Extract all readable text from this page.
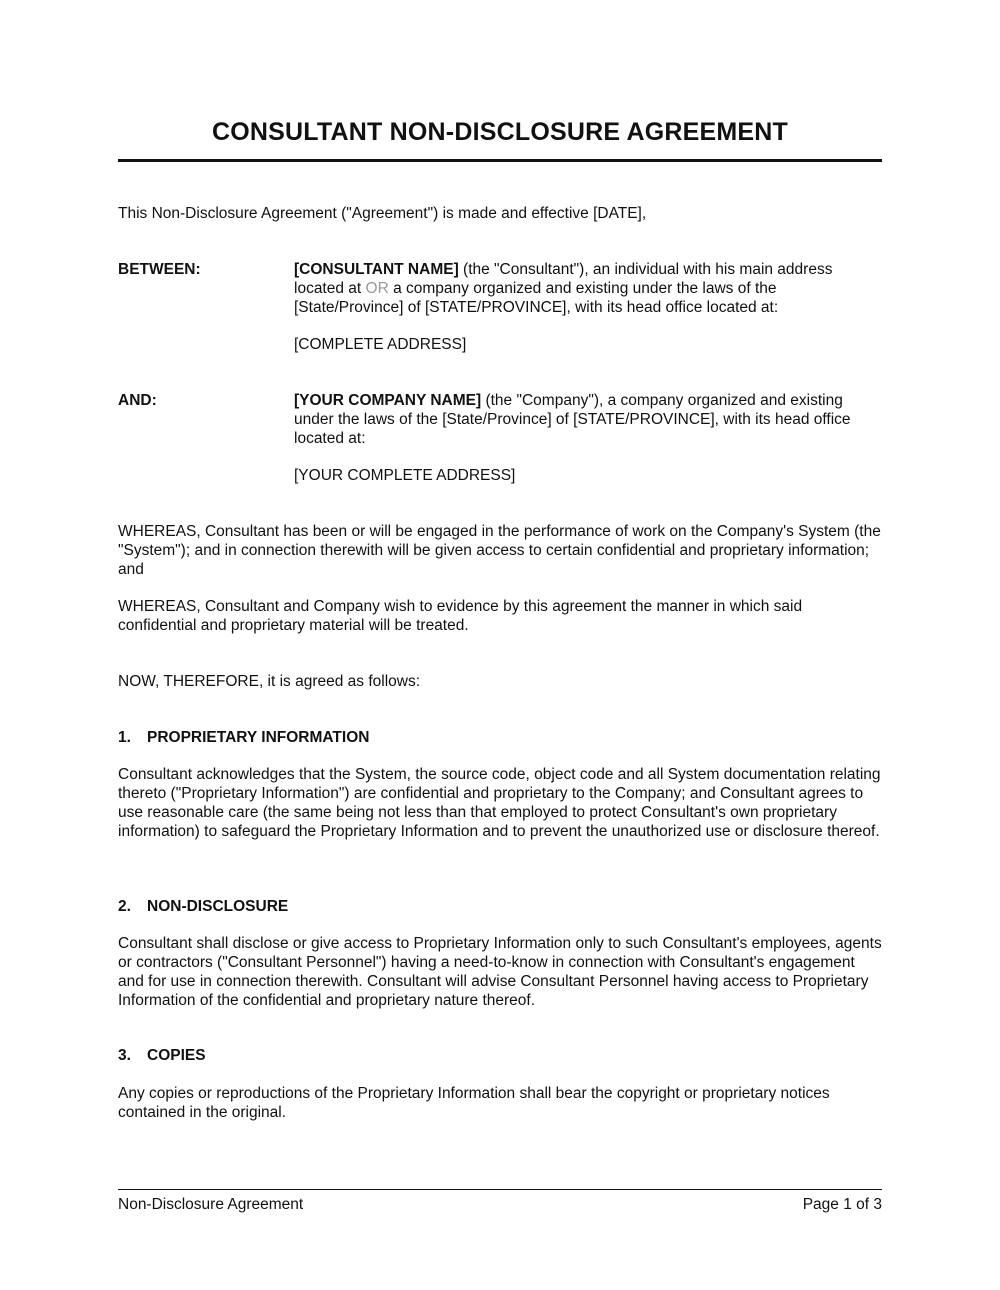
CONSULTANT NON-DISCLOSURE AGREEMENT
This Non-Disclosure Agreement ("Agreement") is made and effective [DATE],
BETWEEN:	[CONSULTANT NAME] (the "Consultant"), an individual with his main address located at OR a company organized and existing under the laws of the [State/Province] of [STATE/PROVINCE], with its head office located at:
[COMPLETE ADDRESS]
AND:	[YOUR COMPANY NAME] (the "Company"), a company organized and existing under the laws of the [State/Province] of [STATE/PROVINCE], with its head office located at:
[YOUR COMPLETE ADDRESS]
WHEREAS, Consultant has been or will be engaged in the performance of work on the Company's System (the "System"); and in connection therewith will be given access to certain confidential and proprietary information; and
WHEREAS, Consultant and Company wish to evidence by this agreement the manner in which said confidential and proprietary material will be treated.
NOW, THEREFORE, it is agreed as follows:
1. PROPRIETARY INFORMATION
Consultant acknowledges that the System, the source code, object code and all System documentation relating thereto ("Proprietary Information") are confidential and proprietary to the Company; and Consultant agrees to use reasonable care (the same being not less than that employed to protect Consultant's own proprietary information) to safeguard the Proprietary Information and to prevent the unauthorized use or disclosure thereof.
2. NON-DISCLOSURE
Consultant shall disclose or give access to Proprietary Information only to such Consultant's employees, agents or contractors ("Consultant Personnel") having a need-to-know in connection with Consultant's engagement and for use in connection therewith. Consultant will advise Consultant Personnel having access to Proprietary Information of the confidential and proprietary nature thereof.
3. COPIES
Any copies or reproductions of the Proprietary Information shall bear the copyright or proprietary notices contained in the original.
Non-Disclosure Agreement	Page 1 of 3
